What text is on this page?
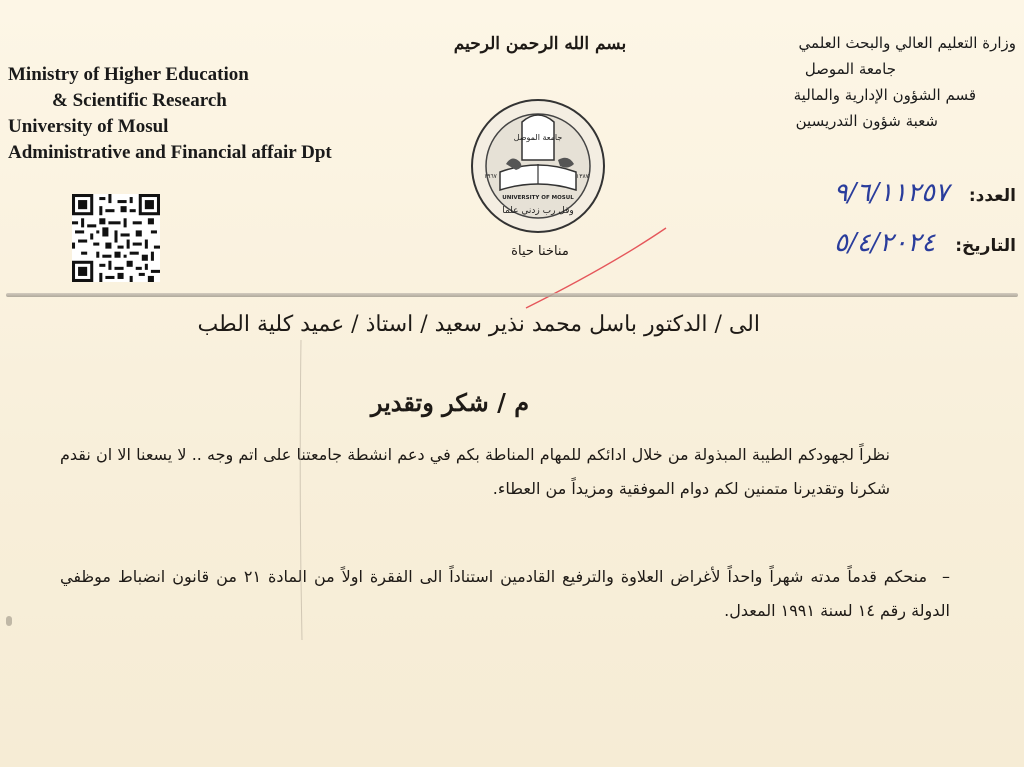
Ministry of Higher Education
& Scientific Research
University of Mosul
Administrative and Financial affair Dpt
بسم الله الرحمن الرحيم
جامعة الموصل
UNIVERSITY OF MOSUL
وقل رب زدني علما
١٩٦٧	١٣٨٧
مناخنا حياة
وزارة التعليم العالي والبحث العلمي
جامعة الموصل
قسم الشؤون الإدارية والمالية
شعبة شؤون التدريسين
العدد: ٩/٦/١١٢٥٧
التاريخ: ٥/٤/٢٠٢٤
الى / الدكتور باسل محمد نذير سعيد / استاذ / عميد كلية الطب
م / شكر وتقدير
نظراً لجهودكم الطيبة المبذولة من خلال ادائكم للمهام المناطة بكم في دعم انشطة جامعتنا على اتم وجه .. لا يسعنا الا ان نقدم شكرنا وتقديرنا متمنين لكم دوام الموفقية ومزيداً من العطاء.
– منحكم قدماً مدته شهراً واحداً لأغراض العلاوة والترفيع القادمين استناداً الى الفقرة اولاً من المادة ٢١ من قانون انضباط موظفي الدولة رقم ١٤ لسنة ١٩٩١ المعدل.
